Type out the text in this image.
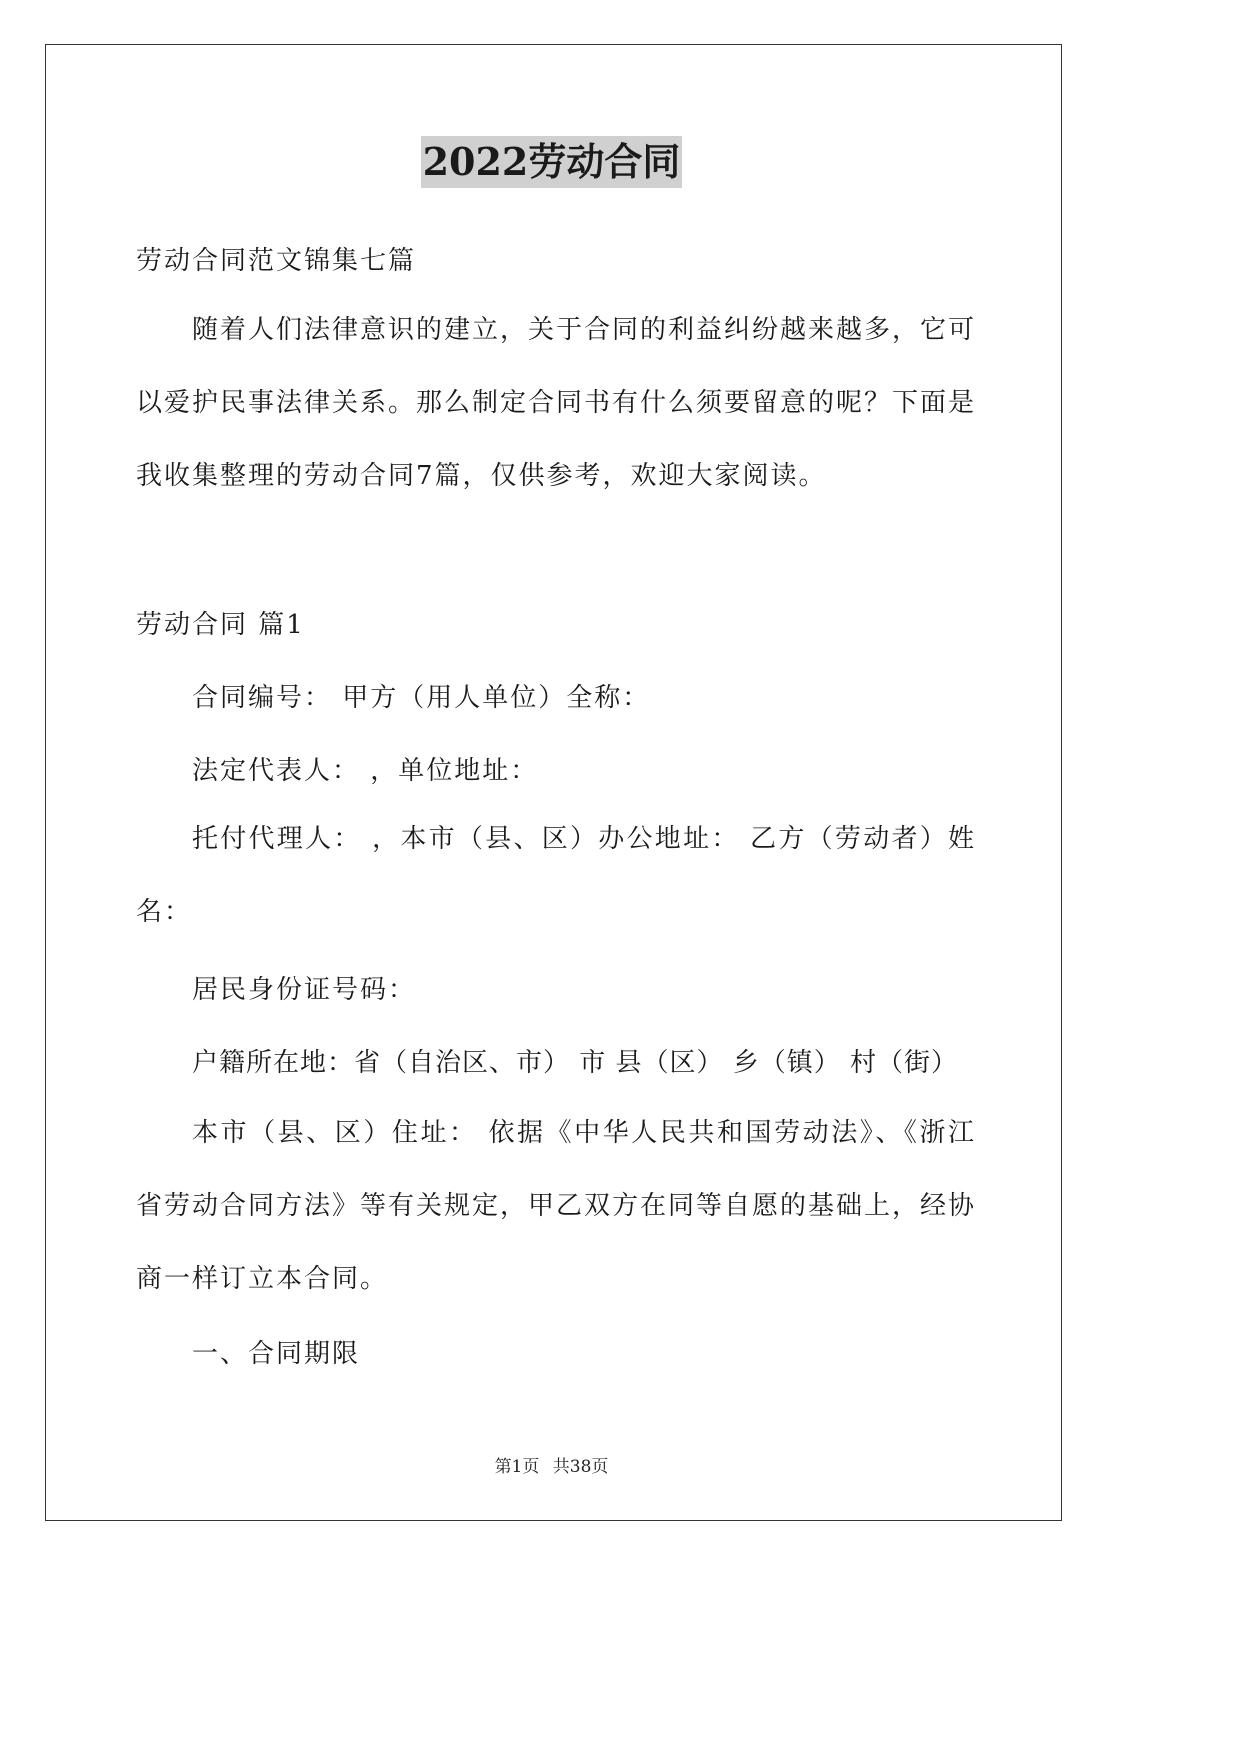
2022劳动合同

劳动合同范文锦集七篇

随着人们法律意识的建立，关于合同的利益纠纷越来越多，它可以爱护民事法律关系。那么制定合同书有什么须要留意的呢？下面是我收集整理的劳动合同7篇，仅供参考，欢迎大家阅读。

劳动合同 篇1

合同编号： 甲方（用人单位）全称：

法定代表人： ，单位地址：

托付代理人： ，本市（县、区）办公地址： 乙方（劳动者）姓名：

居民身份证号码：

户籍所在地：省（自治区、市） 市 县（区） 乡（镇） 村（街）

本市（县、区）住址： 依据《中华人民共和国劳动法》、《浙江省劳动合同方法》等有关规定，甲乙双方在同等自愿的基础上，经协商一样订立本合同。

一、合同期限

第1页 共38页
